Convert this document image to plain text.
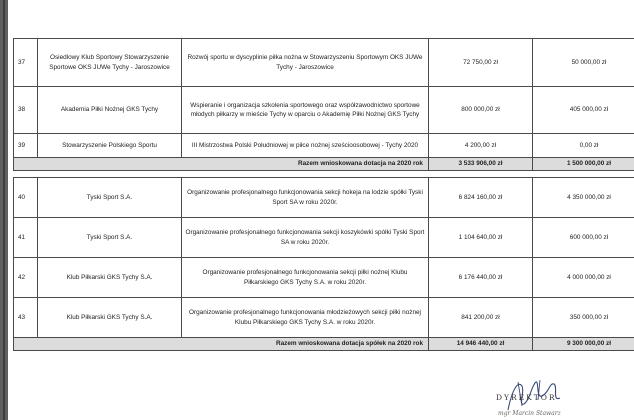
37	Osiedlowy Klub Sportowy Stowarzyszenie Sportowe OKS JUWe Tychy - Jaroszowice	Rozwój sportu w dyscyplinie piłka nożna w Stowarzyszeniu Sportowym OKS JUWe Tychy - Jaroszowice	72 750,00 zł	50 000,00 zł
38	Akademia Piłki Nożnej GKS Tychy	Wspieranie i organizacja szkolenia sportowego oraz współzawodnictwo sportowe młodych piłkarzy w mieście Tychy w oparciu o Akademię Piłki Nożnej GKS Tychy	800 000,00 zł	405 000,00 zł
39	Stowarzyszenie Polskiego Sportu	III Mistrzostwa Polski Południowej w piłce nożnej sześcioosobowej - Tychy 2020	4 200,00 zł	0,00 zł
Razem wnioskowana dotacja na 2020 rok			3 533 906,00 zł	1 500 000,00 zł

40	Tyski Sport S.A.	Organizowanie profesjonalnego funkcjonowania sekcji hokeja na lodzie spółki Tyski Sport SA w roku 2020r.	6 824 160,00 zł	4 350 000,00 zł
41	Tyski Sport S.A.	Organizowanie profesjonalnego funkcjonowania sekcji koszykówki spółki Tyski Sport SA w roku 2020r.	1 104 640,00 zł	600 000,00 zł
42	Klub Piłkarski GKS Tychy S.A.	Organizowanie profesjonalnego funkcjonowania sekcji piłki nożnej Klubu Piłkarskiego GKS Tychy S.A. w roku 2020r.	6 176 440,00 zł	4 000 000,00 zł
43	Klub Piłkarski GKS Tychy S.A.	Organizowanie profesjonalnego funkcjonowania młodzieżowych sekcji piłki nożnej Klubu Piłkarskiego GKS Tychy S.A. w roku 2020r.	841 200,00 zł	350 000,00 zł
Razem wnioskowana dotacja spółek na 2020 rok			14 946 440,00 zł	9 300 000,00 zł
DYREKTOR
mgr Marcin Stawarz
